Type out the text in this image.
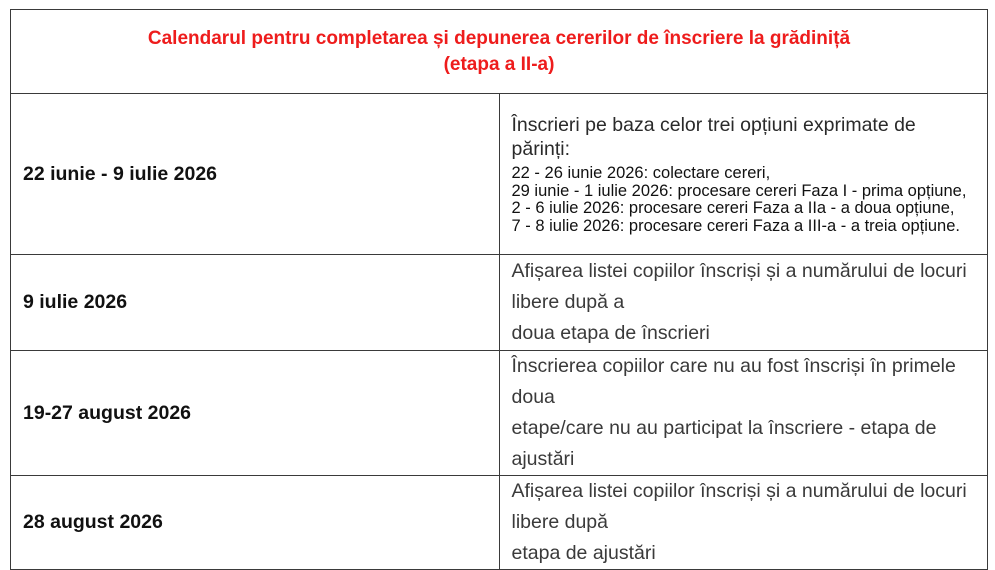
Calendarul pentru completarea și depunerea cererilor de înscriere la grădiniță
(etapa a II-a)	

22 iunie - 9 iulie 2026	Înscrieri pe baza celor trei opțiuni exprimate de părinți:
22 - 26 iunie 2026: colectare cereri,
29 iunie - 1 iulie 2026: procesare cereri Faza I - prima opțiune,
2 - 6 iulie 2026: procesare cereri Faza a IIa - a doua opțiune,
7 - 8 iulie 2026: procesare cereri Faza a III-a - a treia opțiune.

9 iulie 2026	Afișarea listei copiilor înscriși și a numărului de locuri libere după a
doua etapa de înscrieri

19-27 august 2026	Înscrierea copiilor care nu au fost înscriși în primele doua
etape/care nu au participat la înscriere - etapa de ajustări

28 august 2026	Afișarea listei copiilor înscriși și a numărului de locuri libere după
etapa de ajustări
